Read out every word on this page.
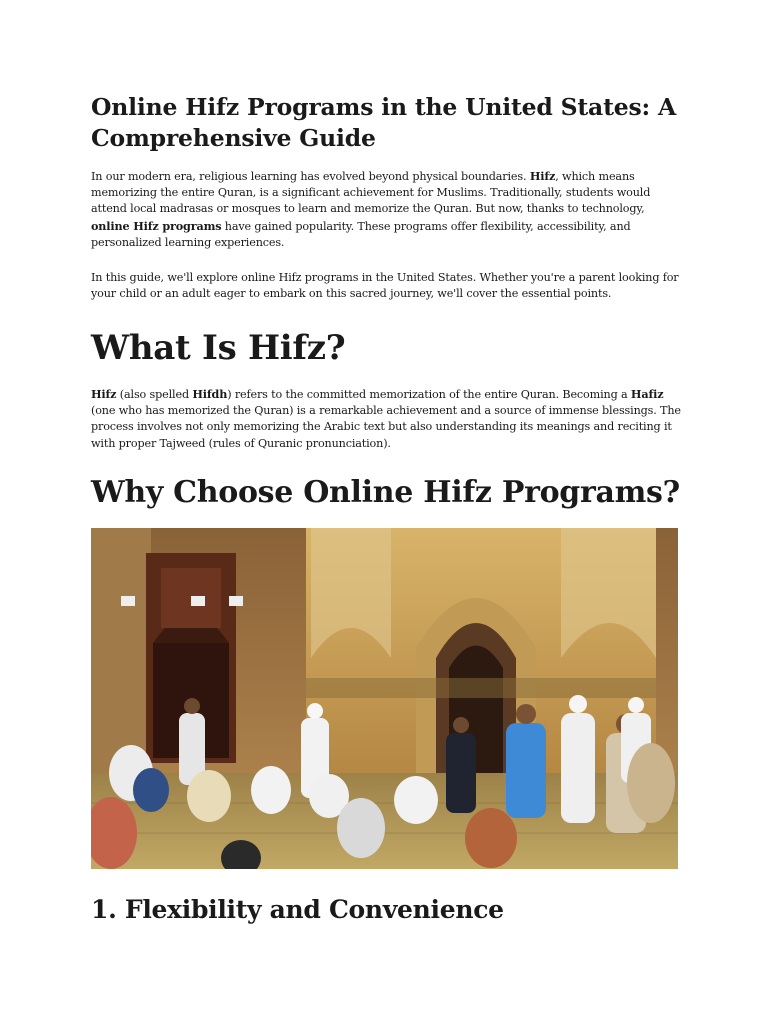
Online Hifz Programs in the United States: A Comprehensive Guide

In our modern era, religious learning has evolved beyond physical boundaries. Hifz, which means memorizing the entire Quran, is a significant achievement for Muslims. Traditionally, students would attend local madrasas or mosques to learn and memorize the Quran. But now, thanks to technology, online Hifz programs have gained popularity. These programs offer flexibility, accessibility, and personalized learning experiences.

In this guide, we'll explore online Hifz programs in the United States. Whether you're a parent looking for your child or an adult eager to embark on this sacred journey, we'll cover the essential points.

What Is Hifz?

Hifz (also spelled Hifdh) refers to the committed memorization of the entire Quran. Becoming a Hafiz (one who has memorized the Quran) is a remarkable achievement and a source of immense blessings. The process involves not only memorizing the Arabic text but also understanding its meanings and reciting it with proper Tajweed (rules of Quranic pronunciation).

Why Choose Online Hifz Programs?
1. Flexibility and Convenience
